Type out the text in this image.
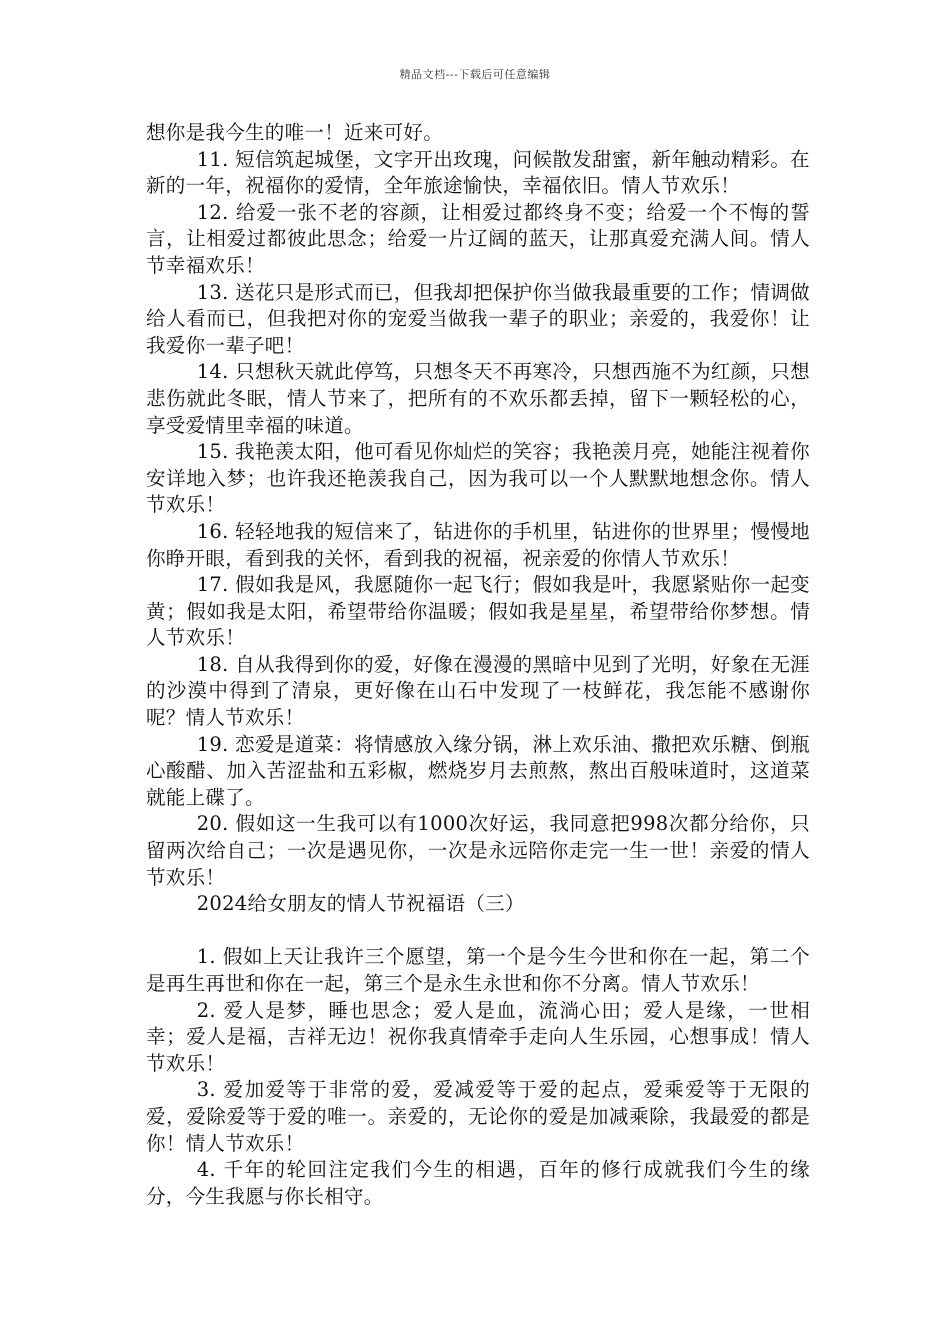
精品文档---下载后可任意编辑

想你是我今生的唯一！近来可好。

11. 短信筑起城堡，文字开出玫瑰，问候散发甜蜜，新年触动精彩。在新的一年，祝福你的爱情，全年旅途愉快，幸福依旧。情人节欢乐！

12. 给爱一张不老的容颜，让相爱过都终身不变；给爱一个不悔的誓言，让相爱过都彼此思念；给爱一片辽阔的蓝天，让那真爱充满人间。情人节幸福欢乐！

13. 送花只是形式而已，但我却把保护你当做我最重要的工作；情调做给人看而已，但我把对你的宠爱当做我一辈子的职业；亲爱的，我爱你！让我爱你一辈子吧！

14. 只想秋天就此停笃，只想冬天不再寒冷，只想西施不为红颜，只想悲伤就此冬眠，情人节来了，把所有的不欢乐都丢掉，留下一颗轻松的心，享受爱情里幸福的味道。

15. 我艳羡太阳，他可看见你灿烂的笑容；我艳羡月亮，她能注视着你安详地入梦；也许我还艳羡我自己，因为我可以一个人默默地想念你。情人节欢乐！

16. 轻轻地我的短信来了，钻进你的手机里，钻进你的世界里；慢慢地你睁开眼，看到我的关怀，看到我的祝福，祝亲爱的你情人节欢乐！

17. 假如我是风，我愿随你一起飞行；假如我是叶，我愿紧贴你一起变黄；假如我是太阳，希望带给你温暖；假如我是星星，希望带给你梦想。情人节欢乐！

18. 自从我得到你的爱，好像在漫漫的黑暗中见到了光明，好象在无涯的沙漠中得到了清泉，更好像在山石中发现了一枝鲜花，我怎能不感谢你呢？情人节欢乐！

19. 恋爱是道菜：将情感放入缘分锅，淋上欢乐油、撒把欢乐糖、倒瓶心酸醋、加入苦涩盐和五彩椒，燃烧岁月去煎熬，熬出百般味道时，这道菜就能上碟了。

20. 假如这一生我可以有1000次好运，我同意把998次都分给你，只留两次给自己；一次是遇见你，一次是永远陪你走完一生一世！亲爱的情人节欢乐！

2024给女朋友的情人节祝福语（三）

1. 假如上天让我许三个愿望，第一个是今生今世和你在一起，第二个是再生再世和你在一起，第三个是永生永世和你不分离。情人节欢乐！

2. 爱人是梦，睡也思念；爱人是血，流淌心田；爱人是缘，一世相幸；爱人是福，吉祥无边！祝你我真情牵手走向人生乐园，心想事成！情人节欢乐！

3. 爱加爱等于非常的爱，爱减爱等于爱的起点，爱乘爱等于无限的爱，爱除爱等于爱的唯一。亲爱的，无论你的爱是加减乘除，我最爱的都是你！情人节欢乐！

4. 千年的轮回注定我们今生的相遇，百年的修行成就我们今生的缘分，今生我愿与你长相守。
